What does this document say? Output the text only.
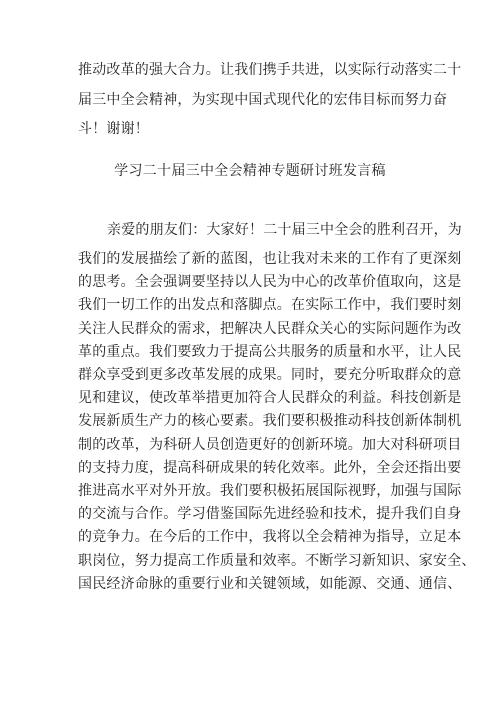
推动改革的强大合力。让我们携手共进，以实际行动落实二十
届三中全会精神，为实现中国式现代化的宏伟目标而努力奋
斗！谢谢！
学习二十届三中全会精神专题研讨班发言稿
亲爱的朋友们：大家好！二十届三中全会的胜利召开，为
我们的发展描绘了新的蓝图，也让我对未来的工作有了更深刻
的思考。全会强调要坚持以人民为中心的改革价值取向，这是
我们一切工作的出发点和落脚点。在实际工作中，我们要时刻
关注人民群众的需求，把解决人民群众关心的实际问题作为改
革的重点。我们要致力于提高公共服务的质量和水平，让人民
群众享受到更多改革发展的成果。同时，要充分听取群众的意
见和建议，使改革举措更加符合人民群众的利益。科技创新是
发展新质生产力的核心要素。我们要积极推动科技创新体制机
制的改革，为科研人员创造更好的创新环境。加大对科研项目
的支持力度，提高科研成果的转化效率。此外，全会还指出要
推进高水平对外开放。我们要积极拓展国际视野，加强与国际
的交流与合作。学习借鉴国际先进经验和技术，提升我们自身
的竞争力。在今后的工作中，我将以全会精神为指导，立足本
职岗位，努力提高工作质量和效率。不断学习新知识、家安全、
国民经济命脉的重要行业和关键领域，如能源、交通、通信、
